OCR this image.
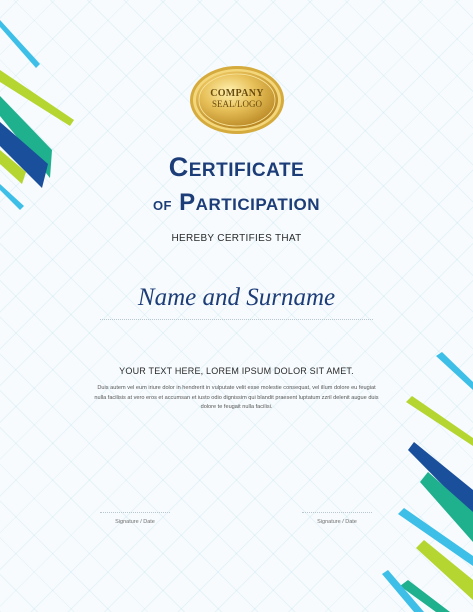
COMPANY
SEAL/LOGO
Certificate
of Participation
HEREBY CERTIFIES THAT
Name and Surname
YOUR TEXT HERE, LOREM IPSUM DOLOR SIT AMET.
Duis autem vel eum iriure dolor in hendrerit in vulputate velit esse molestie consequat, vel illum dolore eu feugiat nulla facilisis at vero eros et accumsan et iusto odio dignissim qui blandit praesent luptatum zzril delenit augue duis dolore te feugait nulla facilisi.
Signature / Date	Signature / Date
